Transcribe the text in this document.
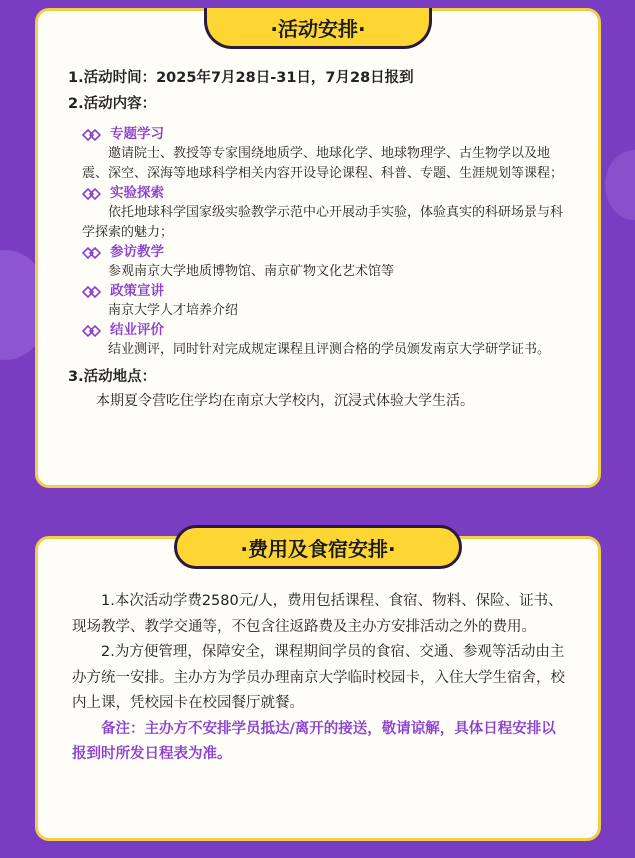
·活动安排·
1.活动时间：2025年7月28日-31日，7月28日报到
2.活动内容：
专题学习
邀请院士、教授等专家围绕地质学、地球化学、地球物理学、古生物学以及地震、深空、深海等地球科学相关内容开设导论课程、科普、专题、生涯规划等课程；
实验探索
依托地球科学国家级实验教学示范中心开展动手实验，体验真实的科研场景与科学探索的魅力；
参访教学
参观南京大学地质博物馆、南京矿物文化艺术馆等
政策宣讲
南京大学人才培养介绍
结业评价
结业测评，同时针对完成规定课程且评测合格的学员颁发南京大学研学证书。
3.活动地点：
本期夏令营吃住学均在南京大学校内，沉浸式体验大学生活。
·费用及食宿安排·
1.本次活动学费2580元/人，费用包括课程、食宿、物料、保险、证书、现场教学、教学交通等，不包含往返路费及主办方安排活动之外的费用。
2.为方便管理，保障安全，课程期间学员的食宿、交通、参观等活动由主办方统一安排。主办方为学员办理南京大学临时校园卡，入住大学生宿舍，校内上课，凭校园卡在校园餐厅就餐。
备注：主办方不安排学员抵达/离开的接送，敬请谅解，具体日程安排以报到时所发日程表为准。
